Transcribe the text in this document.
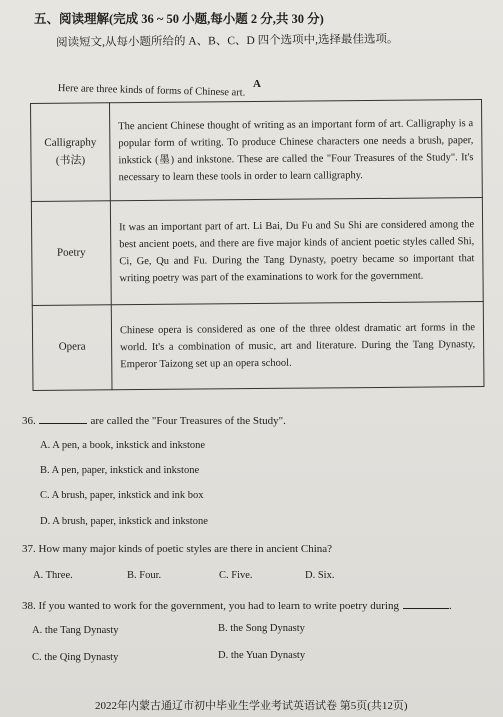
五、阅读理解(完成 36 ~ 50 小题,每小题 2 分,共 30 分)
阅读短文,从每小题所给的 A、B、C、D 四个选项中,选择最佳选项。
A
Here are three kinds of forms of Chinese art.
Calligraphy
(书法)	The ancient Chinese thought of writing as an important form of art. Calligraphy is a popular form of writing. To produce Chinese characters one needs a brush, paper, inkstick (墨) and inkstone. These are called the "Four Treasures of the Study". It's necessary to learn these tools in order to learn calligraphy.

Poetry	It was an important part of art. Li Bai, Du Fu and Su Shi are considered among the best ancient poets, and there are five major kinds of ancient poetic styles called Shi, Ci, Ge, Qu and Fu. During the Tang Dynasty, poetry became so important that writing poetry was part of the examinations to work for the government.

Opera	Chinese opera is considered as one of the three oldest dramatic art forms in the world. It's a combination of music, art and literature. During the Tang Dynasty, Emperor Taizong set up an opera school.
36.	are called the "Four Treasures of the Study".
A. A pen, a book, inkstick and inkstone
B. A pen, paper, inkstick and inkstone
C. A brush, paper, inkstick and ink box
D. A brush, paper, inkstick and inkstone
37. How many major kinds of poetic styles are there in ancient China?
A. Three.	B. Four.	C. Five.	D. Six.
38. If you wanted to work for the government, you had to learn to write poetry during	.
A. the Tang Dynasty	B. the Song Dynasty
C. the Qing Dynasty	D. the Yuan Dynasty
2022年内蒙古通辽市初中毕业生学业考试英语试卷 第5页(共12页)
